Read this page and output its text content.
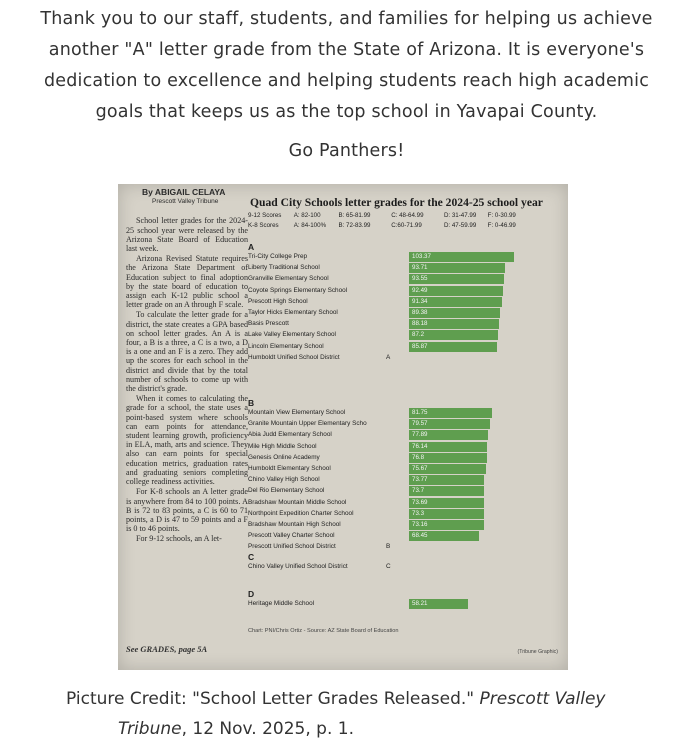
Thank you to our staff, students, and families for helping us achieve

another "A" letter grade from the State of Arizona. It is everyone's

dedication to excellence and helping students reach high academic

goals that keeps us as the top school in Yavapai County.

Go Panthers!

By ABIGAIL CELAYA
Prescott Valley Tribune

School letter grades for the 2024-25 school year were released by the Arizona State Board of Education last week.

Arizona Revised Statute requires the Arizona State Department of Education subject to final adoption by the state board of education to assign each K-12 public school a letter grade on an A through F scale.

To calculate the letter grade for a district, the state creates a GPA based on school letter grades. An A is a four, a B is a three, a C is a two, a D is a one and an F is a zero. They add up the scores for each school in the district and divide that by the total number of schools to come up with the district's grade.

When it comes to calculating the grade for a school, the state uses a point-based system where schools can earn points for attendance, student learning growth, proficiency in ELA, math, arts and science. They also can earn points for special education metrics, graduation rates and graduating seniors completing college readiness activities.

For K-8 schools an A letter grade is anywhere from 84 to 100 points. A B is 72 to 83 points, a C is 60 to 71 points, a D is 47 to 59 points and a F is 0 to 46 points.

For 9-12 schools, an A let-

See GRADES, page 5A
Quad City Schools letter grades for the 2024-25 school year
9-12 Scores A: 82-100	B: 65-81.99	C: 48-64.99	D: 31-47.99 F: 0-30.99
K-8 Scores A: 84-100% B: 72-83.99	C:60-71.99	D: 47-59.99 F: 0-46.99
A
Tri-City College Prep	103.37
Liberty Traditional School	93.71
Granville Elementary School	93.55
Coyote Springs Elementary School	92.49
Prescott High School	91.34
Taylor Hicks Elementary School	89.38
Basis Prescott	88.18
Lake Valley Elementary School	87.2
Lincoln Elementary School	85.87
Humboldt Unified School District	A
B
Mountain View Elementary School	81.75
Granite Mountain Upper Elementary Scho	79.57
Abia Judd Elementary School	77.89
Mile High Middle School	76.14
Genesis Online Academy	76.8
Humboldt Elementary School	75.67
Chino Valley High School	73.77
Del Rio Elementary School	73.7
Bradshaw Mountain Middle School	73.69
Northpoint Expedition Charter School	73.3
Bradshaw Mountain High School	73.16
Prescott Valley Charter School	68.45
Prescott Unified School District	B
C
Chino Valley Unified School District	C
D
Heritage Middle School	58.21
Chart: PNI/Chris Ortiz - Source: AZ State Board of Education
(Tribune Graphic)
Picture Credit: "School Letter Grades Released." Prescott Valley
Tribune, 12 Nov. 2025, p. 1.
